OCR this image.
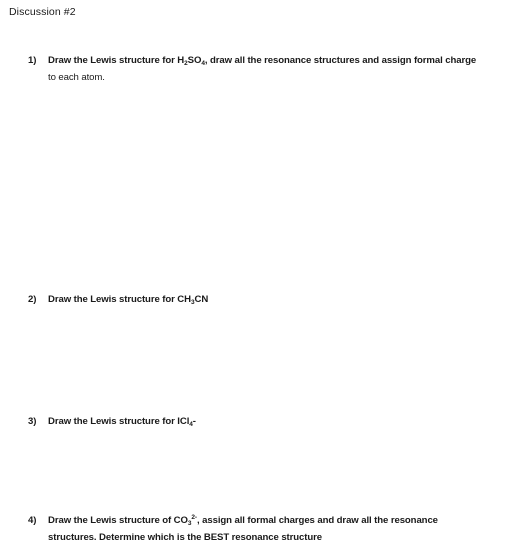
Discussion #2
1) Draw the Lewis structure for $H_2SO_4$, draw all the resonance structures and assign formal charge
to each atom.
2) Draw the Lewis structure for $CH_3CN$
3) Draw the Lewis structure for ICl$_4$-
4) Draw the Lewis structure of $CO_3^{2-}$, assign all formal charges and draw all the resonance
structures. Determine which is the BEST resonance structure
